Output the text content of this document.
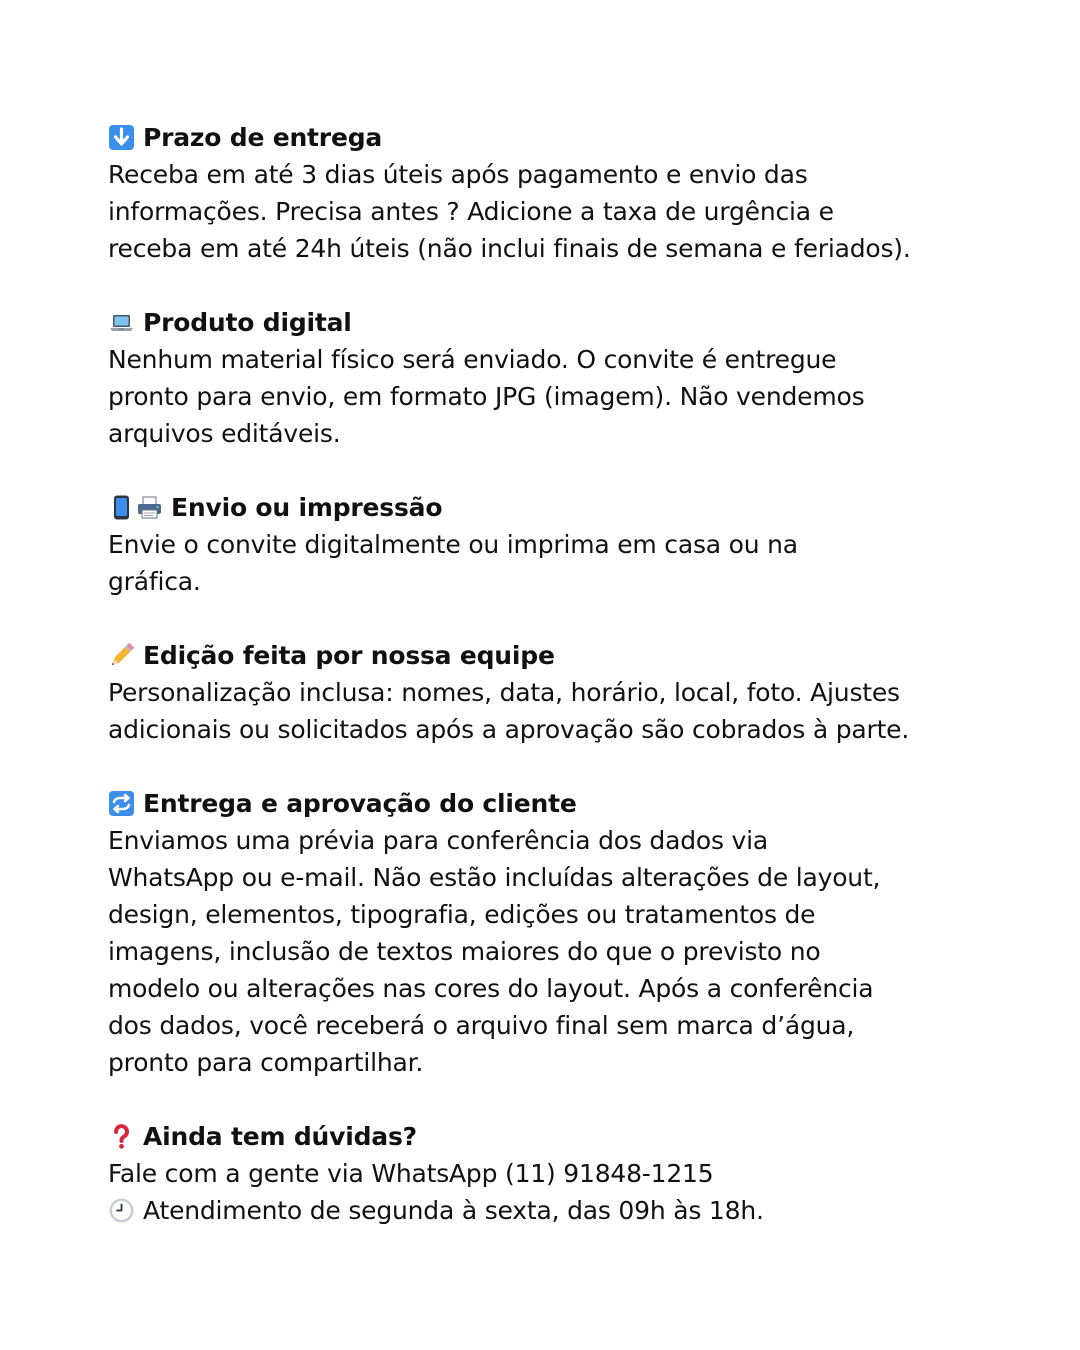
Prazo de entrega
Receba em até 3 dias úteis após pagamento e envio das
informações. Precisa antes ? Adicione a taxa de urgência e
receba em até 24h úteis (não inclui finais de semana e feriados).
Produto digital
Nenhum material físico será enviado. O convite é entregue
pronto para envio, em formato JPG (imagem). Não vendemos
arquivos editáveis.
Envio ou impressão
Envie o convite digitalmente ou imprima em casa ou na
gráfica.
Edição feita por nossa equipe
Personalização inclusa: nomes, data, horário, local, foto. Ajustes
adicionais ou solicitados após a aprovação são cobrados à parte.
Entrega e aprovação do cliente
Enviamos uma prévia para conferência dos dados via
WhatsApp ou e-mail. Não estão incluídas alterações de layout,
design, elementos, tipografia, edições ou tratamentos de
imagens, inclusão de textos maiores do que o previsto no
modelo ou alterações nas cores do layout. Após a conferência
dos dados, você receberá o arquivo final sem marca d’água,
pronto para compartilhar.
Ainda tem dúvidas?
Fale com a gente via WhatsApp (11) 91848-1215
Atendimento de segunda à sexta, das 09h às 18h.
